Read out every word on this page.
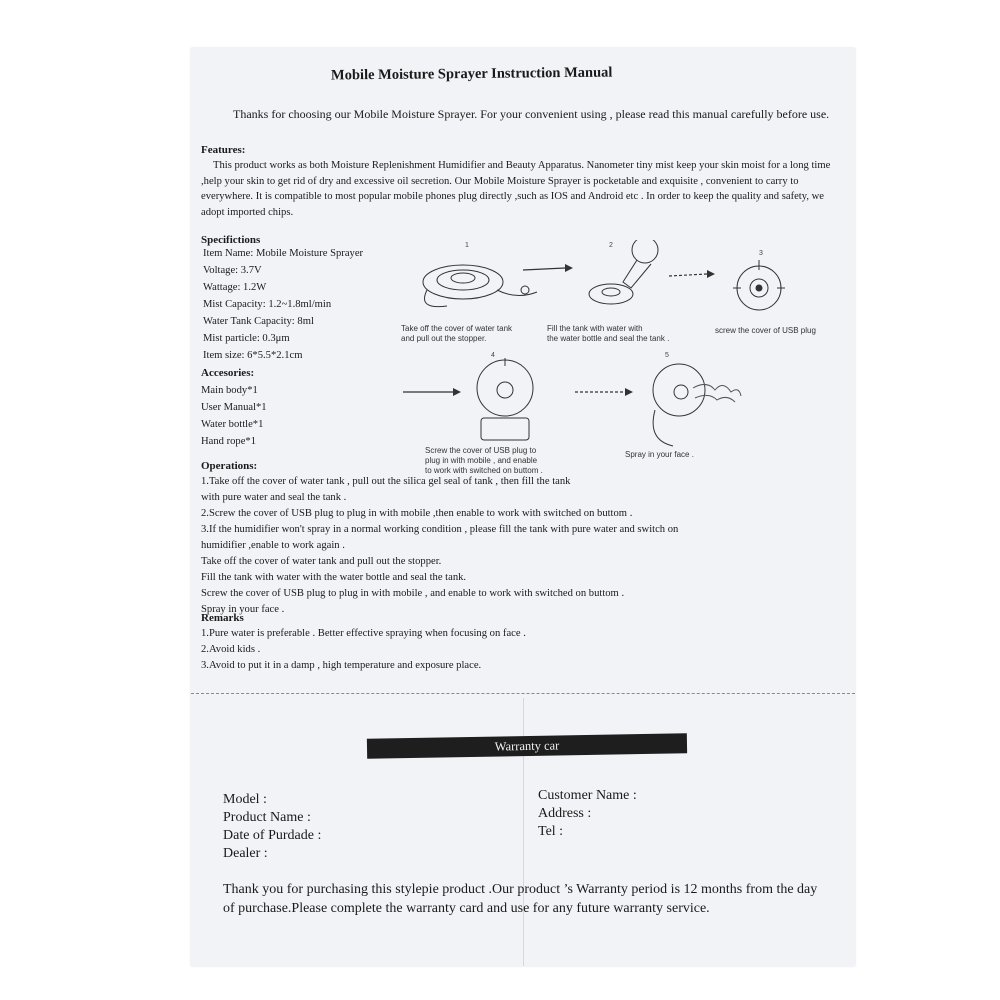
Mobile Moisture Sprayer Instruction Manual
Thanks for choosing our Mobile Moisture Sprayer. For your convenient using , please read this manual carefully before use.
Features:
This product works as both Moisture Replenishment Humidifier and Beauty Apparatus. Nanometer tiny mist keep your skin moist for a long time ,help your skin to get rid of dry and excessive oil secretion. Our Mobile Moisture Sprayer is pocketable and exquisite , convenient to carry to everywhere. It is compatible to most popular mobile phones plug directly ,such as IOS and Android etc . In order to keep the quality and safety, we adopt imported chips.
Specifictions
Item Name: Mobile Moisture Sprayer
Voltage: 3.7V
Wattage: 1.2W
Mist Capacity: 1.2~1.8ml/min
Water Tank Capacity: 8ml
Mist particle: 0.3μm
Item size: 6*5.5*2.1cm
Accesories:
Main body*1
User Manual*1
Water bottle*1
Hand rope*1
1	2
3
4	5
Take off the cover of water tank
and pull out the stopper.
Fill the tank with water with
the water bottle and seal the tank .
screw the cover of USB plug
Screw the cover of USB plug to
plug in with mobile , and enable
to work with switched on buttom .
Spray in your face .
Operations:
1.Take off the cover of water tank , pull out the silica gel seal of tank , then fill the tank
with pure water and seal the tank .
2.Screw the cover of USB plug to plug in with mobile ,then enable to work with switched on buttom .
3.If the humidifier won't spray in a normal working condition , please fill the tank with pure water and switch on
humidifier ,enable to work again .
Take off the cover of water tank and pull out the stopper.
Fill the tank with water with the water bottle and seal the tank.
Screw the cover of USB plug to plug in with mobile , and enable to work with switched on buttom .
Spray in your face .
Remarks
1.Pure water is preferable . Better effective spraying when focusing on face .
2.Avoid kids .
3.Avoid to put it in a damp , high temperature and exposure place.
Warranty car
Model :
Product Name :
Date of Purdade :
Dealer :
Customer Name :
Address :
Tel :
Thank you for purchasing this stylepie product .Our product ’s Warranty period is 12 months from the day of purchase.Please complete the warranty card and use for any future warranty service.
